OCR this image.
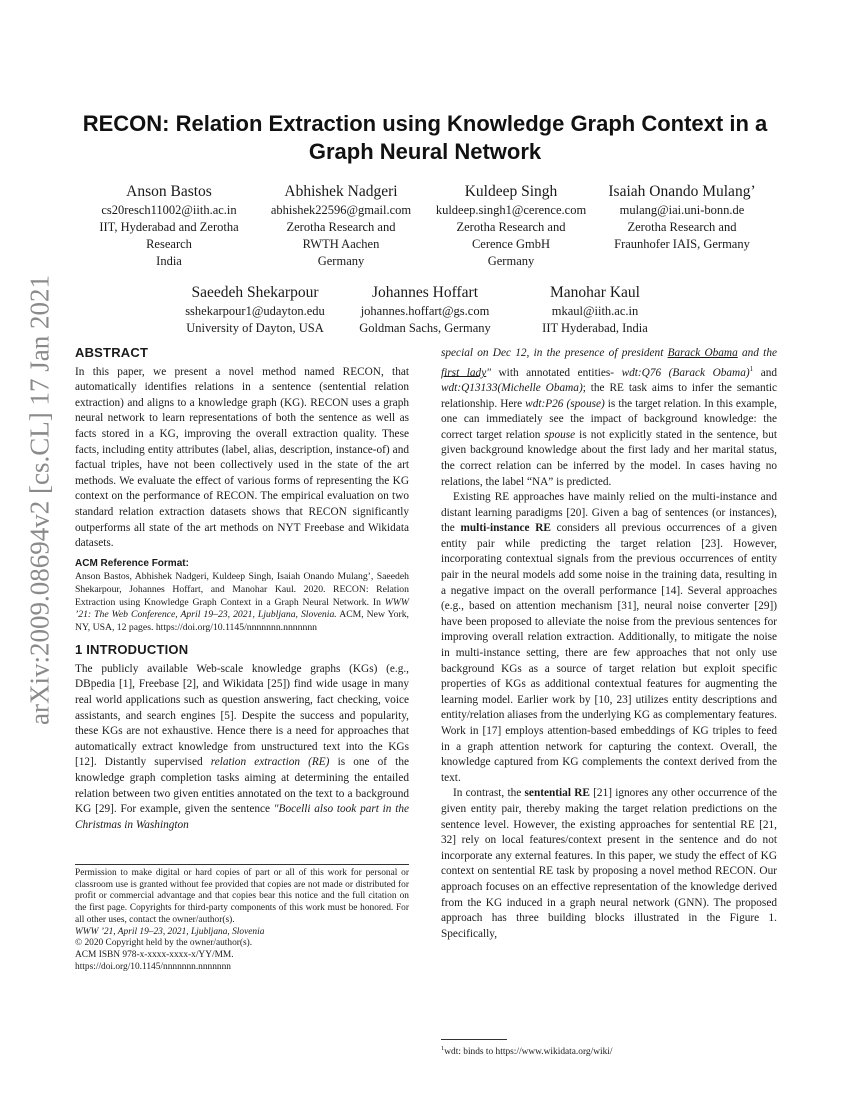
arXiv:2009.08694v2 [cs.CL] 17 Jan 2021
RECON: Relation Extraction using Knowledge Graph Context in a Graph Neural Network
Anson Bastos
cs20resch11002@iith.ac.in
IIT, Hyderabad and Zerotha
Research
India
Abhishek Nadgeri
abhishek22596@gmail.com
Zerotha Research and
RWTH Aachen
Germany
Kuldeep Singh
kuldeep.singh1@cerence.com
Zerotha Research and
Cerence GmbH
Germany
Isaiah Onando Mulang’
mulang@iai.uni-bonn.de
Zerotha Research and
Fraunhofer IAIS, Germany
Saeedeh Shekarpour
sshekarpour1@udayton.edu
University of Dayton, USA
Johannes Hoffart
johannes.hoffart@gs.com
Goldman Sachs, Germany
Manohar Kaul
mkaul@iith.ac.in
IIT Hyderabad, India
ABSTRACT

In this paper, we present a novel method named RECON, that automatically identifies relations in a sentence (sentential relation extraction) and aligns to a knowledge graph (KG). RECON uses a graph neural network to learn representations of both the sentence as well as facts stored in a KG, improving the overall extraction quality. These facts, including entity attributes (label, alias, description, instance-of) and factual triples, have not been collectively used in the state of the art methods. We evaluate the effect of various forms of representing the KG context on the performance of RECON. The empirical evaluation on two standard relation extraction datasets shows that RECON significantly outperforms all state of the art methods on NYT Freebase and Wikidata datasets.

ACM Reference Format:

Anson Bastos, Abhishek Nadgeri, Kuldeep Singh, Isaiah Onando Mulang’, Saeedeh Shekarpour, Johannes Hoffart, and Manohar Kaul. 2020. RECON: Relation Extraction using Knowledge Graph Context in a Graph Neural Network. In WWW ’21: The Web Conference, April 19–23, 2021, Ljubljana, Slovenia. ACM, New York, NY, USA, 12 pages. https://doi.org/10.1145/nnnnnnn.nnnnnnn

1 INTRODUCTION

The publicly available Web-scale knowledge graphs (KGs) (e.g., DBpedia [1], Freebase [2], and Wikidata [25]) find wide usage in many real world applications such as question answering, fact checking, voice assistants, and search engines [5]. Despite the success and popularity, these KGs are not exhaustive. Hence there is a need for approaches that automatically extract knowledge from unstructured text into the KGs [12]. Distantly supervised relation extraction (RE) is one of the knowledge graph completion tasks aiming at determining the entailed relation between two given entities annotated on the text to a background KG [29]. For example, given the sentence "Bocelli also took part in the Christmas in Washington

Permission to make digital or hard copies of part or all of this work for personal or classroom use is granted without fee provided that copies are not made or distributed for profit or commercial advantage and that copies bear this notice and the full citation on the first page. Copyrights for third-party components of this work must be honored. For all other uses, contact the owner/author(s).

WWW ’21, April 19–23, 2021, Ljubljana, Slovenia

© 2020 Copyright held by the owner/author(s).

ACM ISBN 978-x-xxxx-xxxx-x/YY/MM.

https://doi.org/10.1145/nnnnnnn.nnnnnnn

special on Dec 12, in the presence of president Barack Obama and the first lady" with annotated entities- wdt:Q76 (Barack Obama)$^1$ and wdt:Q13133(Michelle Obama); the RE task aims to infer the semantic relationship. Here wdt:P26 (spouse) is the target relation. In this example, one can immediately see the impact of background knowledge: the correct target relation spouse is not explicitly stated in the sentence, but given background knowledge about the first lady and her marital status, the correct relation can be inferred by the model. In cases having no relations, the label “NA” is predicted.

Existing RE approaches have mainly relied on the multi-instance and distant learning paradigms [20]. Given a bag of sentences (or instances), the multi-instance RE considers all previous occurrences of a given entity pair while predicting the target relation [23]. However, incorporating contextual signals from the previous occurrences of entity pair in the neural models add some noise in the training data, resulting in a negative impact on the overall performance [14]. Several approaches (e.g., based on attention mechanism [31], neural noise converter [29]) have been proposed to alleviate the noise from the previous sentences for improving overall relation extraction. Additionally, to mitigate the noise in multi-instance setting, there are few approaches that not only use background KGs as a source of target relation but exploit specific properties of KGs as additional contextual features for augmenting the learning model. Earlier work by [10, 23] utilizes entity descriptions and entity/relation aliases from the underlying KG as complementary features. Work in [17] employs attention-based embeddings of KG triples to feed in a graph attention network for capturing the context. Overall, the knowledge captured from KG complements the context derived from the text.

In contrast, the sentential RE [21] ignores any other occurrence of the given entity pair, thereby making the target relation predictions on the sentence level. However, the existing approaches for sentential RE [21, 32] rely on local features/context present in the sentence and do not incorporate any external features. In this paper, we study the effect of KG context on sentential RE task by proposing a novel method RECON. Our approach focuses on an effective representation of the knowledge derived from the KG induced in a graph neural network (GNN). The proposed approach has three building blocks illustrated in the Figure 1. Specifically,

$^1$wdt: binds to https://www.wikidata.org/wiki/
